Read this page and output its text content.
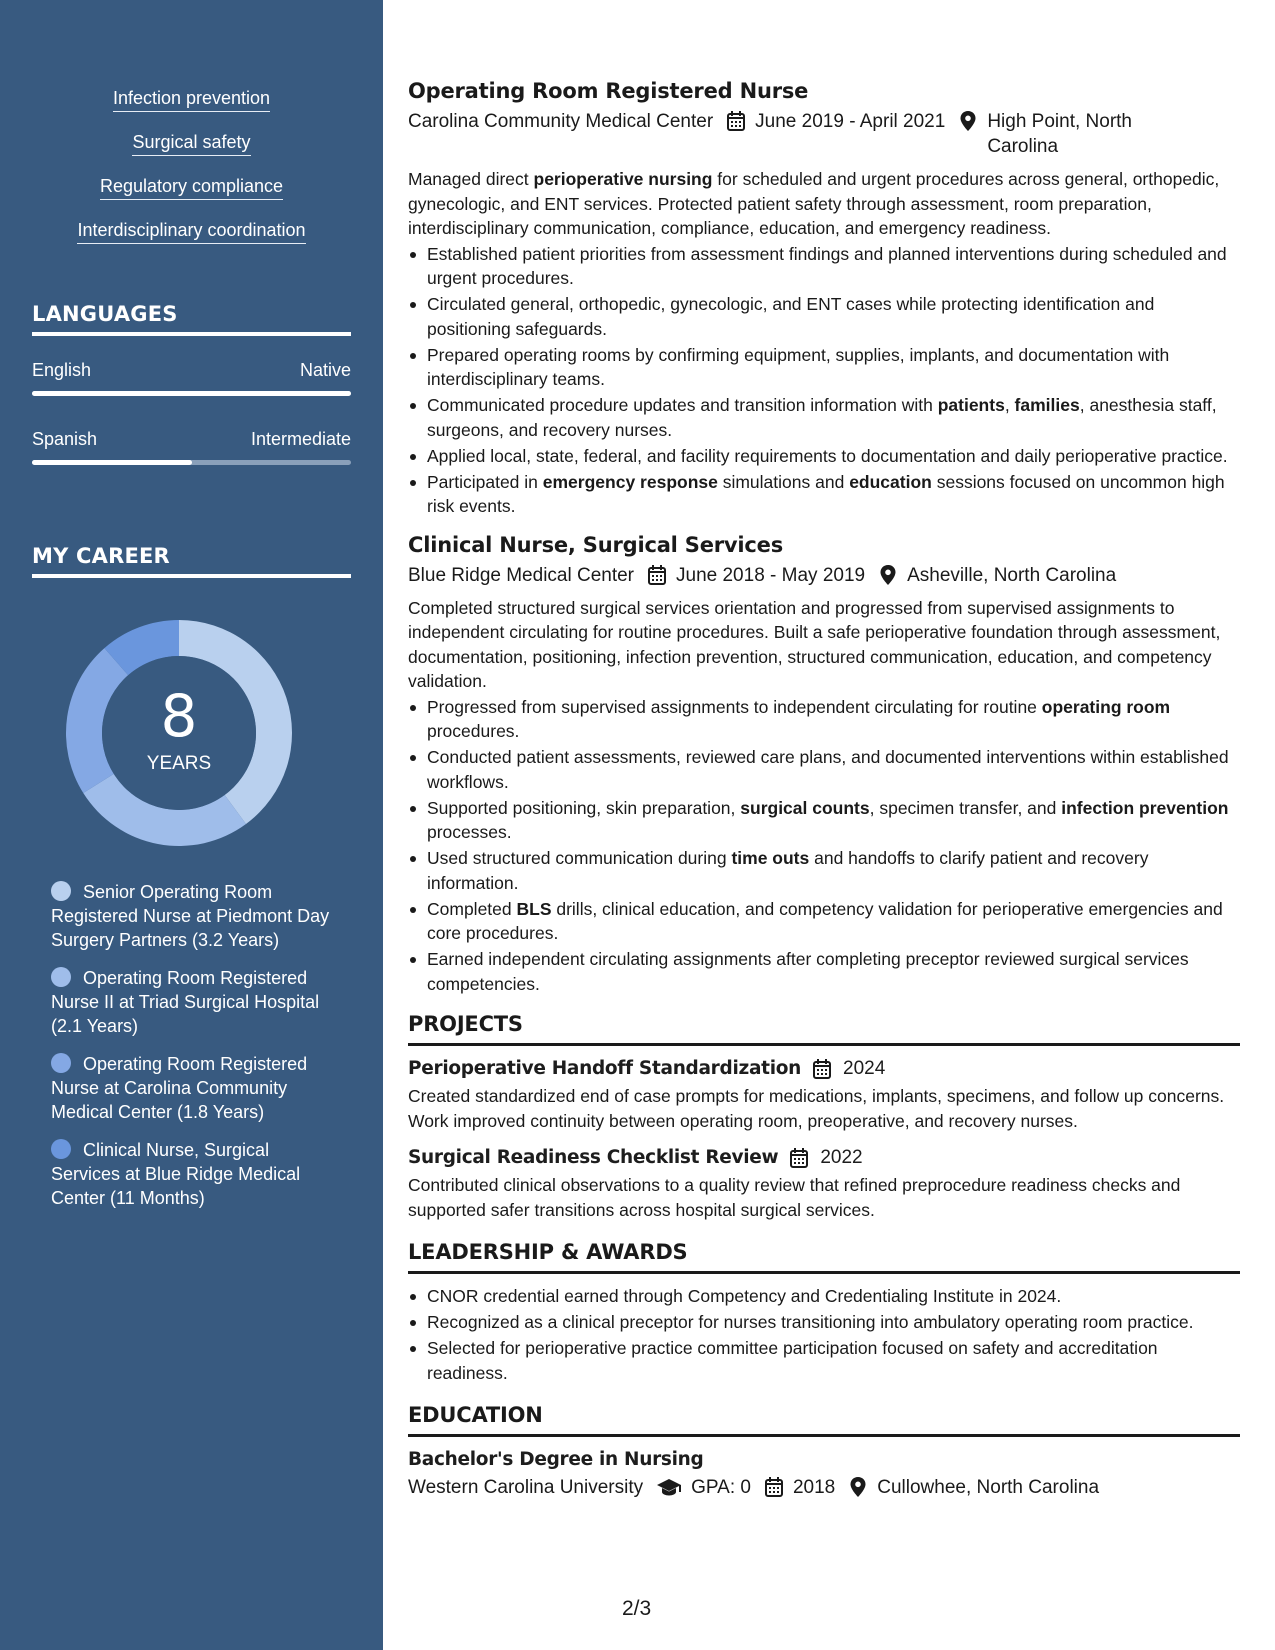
Infection prevention
Surgical safety
Regulatory compliance
Interdisciplinary coordination
LANGUAGES
English	Native
Spanish	Intermediate
MY CAREER
8
YEARS
Senior Operating Room Registered Nurse at Piedmont Day Surgery Partners (3.2 Years)
Operating Room Registered Nurse II at Triad Surgical Hospital (2.1 Years)
Operating Room Registered Nurse at Carolina Community Medical Center (1.8 Years)
Clinical Nurse, Surgical Services at Blue Ridge Medical Center (11 Months)
Operating Room Registered Nurse
Carolina Community Medical Center June 2019 - April 2021 High Point, North Carolina
Managed direct perioperative nursing for scheduled and urgent procedures across general, orthopedic, gynecologic, and ENT services. Protected patient safety through assessment, room preparation, interdisciplinary communication, compliance, education, and emergency readiness.
Established patient priorities from assessment findings and planned interventions during scheduled and urgent procedures.
Circulated general, orthopedic, gynecologic, and ENT cases while protecting identification and positioning safeguards.
Prepared operating rooms by confirming equipment, supplies, implants, and documentation with interdisciplinary teams.
Communicated procedure updates and transition information with patients, families, anesthesia staff, surgeons, and recovery nurses.
Applied local, state, federal, and facility requirements to documentation and daily perioperative practice.
Participated in emergency response simulations and education sessions focused on uncommon high risk events.
Clinical Nurse, Surgical Services
Blue Ridge Medical Center June 2018 - May 2019 Asheville, North Carolina
Completed structured surgical services orientation and progressed from supervised assignments to independent circulating for routine procedures. Built a safe perioperative foundation through assessment, documentation, positioning, infection prevention, structured communication, education, and competency validation.
Progressed from supervised assignments to independent circulating for routine operating room procedures.
Conducted patient assessments, reviewed care plans, and documented interventions within established workflows.
Supported positioning, skin preparation, surgical counts, specimen transfer, and infection prevention processes.
Used structured communication during time outs and handoffs to clarify patient and recovery information.
Completed BLS drills, clinical education, and competency validation for perioperative emergencies and core procedures.
Earned independent circulating assignments after completing preceptor reviewed surgical services competencies.
PROJECTS
Perioperative Handoff Standardization 2024
Created standardized end of case prompts for medications, implants, specimens, and follow up concerns. Work improved continuity between operating room, preoperative, and recovery nurses.
Surgical Readiness Checklist Review 2022
Contributed clinical observations to a quality review that refined preprocedure readiness checks and supported safer transitions across hospital surgical services.
LEADERSHIP & AWARDS
CNOR credential earned through Competency and Credentialing Institute in 2024.
Recognized as a clinical preceptor for nurses transitioning into ambulatory operating room practice.
Selected for perioperative practice committee participation focused on safety and accreditation readiness.
EDUCATION
Bachelor's Degree in Nursing
Western Carolina University	GPA: 0 2018 Cullowhee, North Carolina
2/3
